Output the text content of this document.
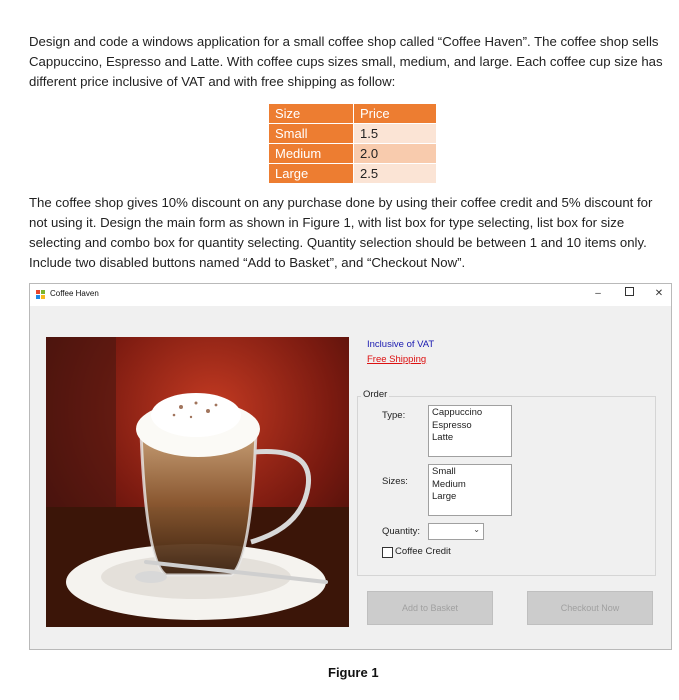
Design and code a windows application for a small coffee shop called “Coffee Haven”. The coffee shop sells Cappuccino, Espresso and Latte. With coffee cups sizes small, medium, and large. Each coffee cup size has different price inclusive of VAT and with free shipping as follow:

Size	Price
Small	1.5
Medium	2.0
Large	2.5

The coffee shop gives 10% discount on any purchase done by using their coffee credit and 5% discount for not using it. Design the main form as shown in Figure 1, with list box for type selecting, list box for size selecting and combo box for quantity selecting. Quantity selection should be between 1 and 10 items only. Include two disabled buttons named “Add to Basket”, and “Checkout Now”.

Coffee Haven	–	✕
Inclusive of VAT
Free Shipping
Order
Type:	Cappuccino
Espresso
Latte
Sizes:
Small
Medium
Large
Quantity:	⌄
Coffee Credit
Add to Basket	Checkout Now
Figure 1
